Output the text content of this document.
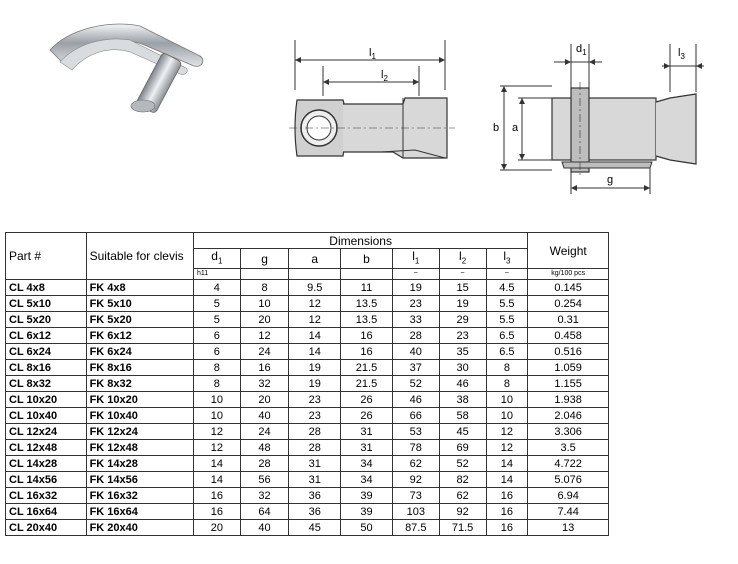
$l_1$
$l_2$
$d_1$	$l_3$
b a
g
Part #	Suitable for clevis	Dimensions							Weight
		$d_1$	g	a	b	$l_1$	$l_2$	$l_3$
		h11				~	~	~	kg/100 pcs
CL 4x8	FK 4x8	4	8	9.5	11	19	15	4.5	0.145
CL 5x10	FK 5x10	5	10	12	13.5	23	19	5.5	0.254
CL 5x20	FK 5x20	5	20	12	13.5	33	29	5.5	0.31
CL 6x12	FK 6x12	6	12	14	16	28	23	6.5	0.458
CL 6x24	FK 6x24	6	24	14	16	40	35	6.5	0.516
CL 8x16	FK 8x16	8	16	19	21.5	37	30	8	1.059
CL 8x32	FK 8x32	8	32	19	21.5	52	46	8	1.155
CL 10x20	FK 10x20	10	20	23	26	46	38	10	1.938
CL 10x40	FK 10x40	10	40	23	26	66	58	10	2.046
CL 12x24	FK 12x24	12	24	28	31	53	45	12	3.306
CL 12x48	FK 12x48	12	48	28	31	78	69	12	3.5
CL 14x28	FK 14x28	14	28	31	34	62	52	14	4.722
CL 14x56	FK 14x56	14	56	31	34	92	82	14	5.076
CL 16x32	FK 16x32	16	32	36	39	73	62	16	6.94
CL 16x64	FK 16x64	16	64	36	39	103	92	16	7.44
CL 20x40	FK 20x40	20	40	45	50	87.5	71.5	16	13
